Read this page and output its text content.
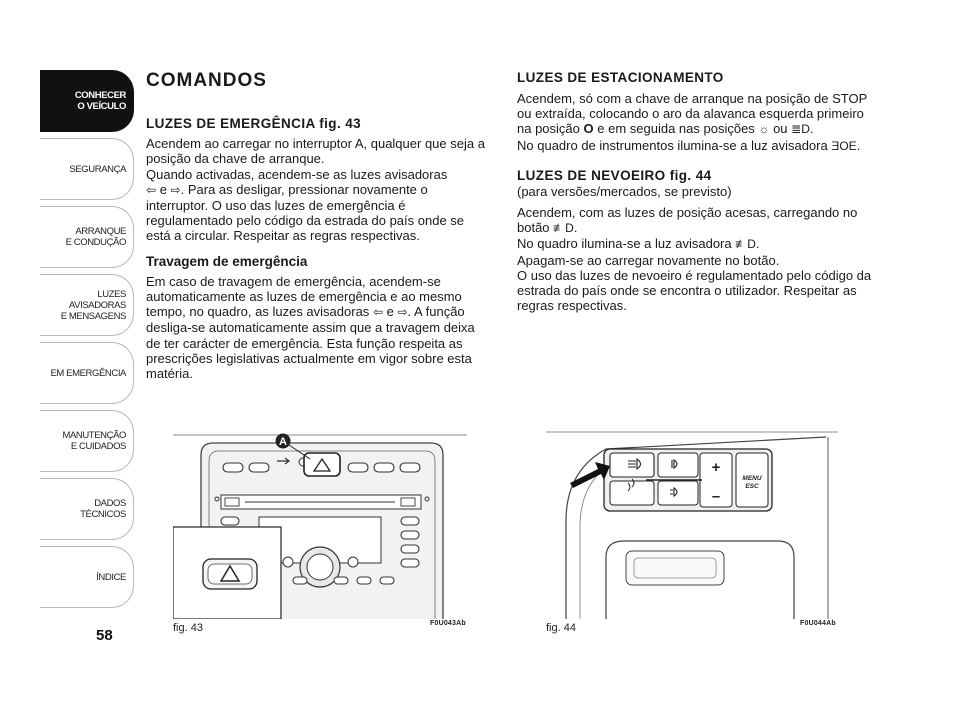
CONHECER
O VEÍCULO
SEGURANÇA
ARRANQUE
E CONDUÇÃO
LUZES
AVISADORAS
E MENSAGENS
EM EMERGÊNCIA
MANUTENÇÃO
E CUIDADOS
DADOS
TÉCNICOS
ÍNDICE
58
COMANDOS
LUZES DE EMERGÊNCIA fig. 43

Acendem ao carregar no interruptor A, qualquer que seja a posição da chave de arranque.
Quando activadas, acendem-se as luzes avisadoras
⇦ e ⇨. Para as desligar, pressionar novamente o interruptor. O uso das luzes de emergência é regulamentado pelo código da estrada do país onde se está a circular. Respeitar as regras respectivas.

Travagem de emergência

Em caso de travagem de emergência, acendem-se automaticamente as luzes de emergência e ao mesmo tempo, no quadro, as luzes avisadoras ⇦ e ⇨. A função desliga-se automaticamente assim que a travagem deixa de ter carácter de emergência. Esta função respeita as prescrições legislativas actualmente em vigor sobre esta matéria.

LUZES DE ESTACIONAMENTO

Acendem, só com a chave de arranque na posição de STOP ou extraída, colocando o aro da alavanca esquerda primeiro na posição O e em seguida nas posições ☼ ou ≣D.
No quadro de instrumentos ilumina-se a luz avisadora ƎOE.

LUZES DE NEVOEIRO fig. 44

(para versões/mercados, se previsto)

Acendem, com as luzes de posição acesas, carregando no botão ≢D.
No quadro ilumina-se a luz avisadora ≢D.
Apagam-se ao carregar novamente no botão.
O uso das luzes de nevoeiro é regulamentado pelo código da estrada do país onde se encontra o utilizador. Respeitar as regras respectivas.

A
fig. 43	F0U043Ab
+
–
MENU
ESC
fig. 44	F0U044Ab
